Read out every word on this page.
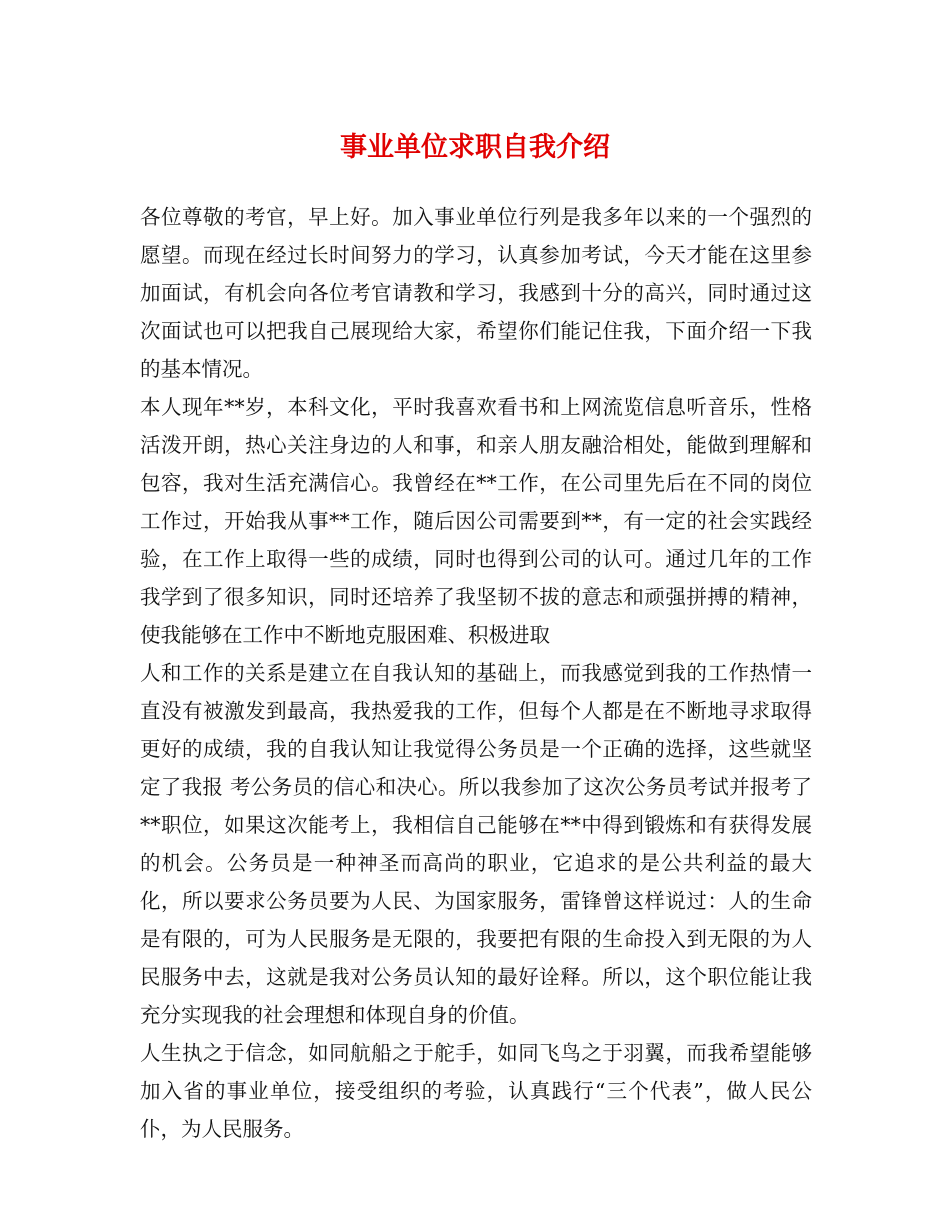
事业单位求职自我介绍

各位尊敬的考官，早上好。加入事业单位行列是我多年以来的一个强烈的愿望。而现在经过长时间努力的学习，认真参加考试，今天才能在这里参加面试，有机会向各位考官请教和学习，我感到十分的高兴，同时通过这次面试也可以把我自己展现给大家，希望你们能记住我，下面介绍一下我的基本情况。

本人现年**岁，本科文化，平时我喜欢看书和上网流览信息听音乐，性格活泼开朗，热心关注身边的人和事，和亲人朋友融洽相处，能做到理解和包容，我对生活充满信心。我曾经在**工作，在公司里先后在不同的岗位工作过，开始我从事**工作，随后因公司需要到**，有一定的社会实践经验，在工作上取得一些的成绩，同时也得到公司的认可。通过几年的工作我学到了很多知识，同时还培养了我坚韧不拔的意志和顽强拼搏的精神，使我能够在工作中不断地克服困难、积极进取

人和工作的关系是建立在自我认知的基础上，而我感觉到我的工作热情一直没有被激发到最高，我热爱我的工作，但每个人都是在不断地寻求取得更好的成绩，我的自我认知让我觉得公务员是一个正确的选择，这些就坚定了我报 考公务员的信心和决心。所以我参加了这次公务员考试并报考了**职位，如果这次能考上，我相信自己能够在**中得到锻炼和有获得发展的机会。公务员是一种神圣而高尚的职业，它追求的是公共利益的最大化，所以要求公务员要为人民、为国家服务，雷锋曾这样说过：人的生命是有限的，可为人民服务是无限的，我要把有限的生命投入到无限的为人民服务中去，这就是我对公务员认知的最好诠释。所以，这个职位能让我充分实现我的社会理想和体现自身的价值。

人生执之于信念，如同航船之于舵手，如同飞鸟之于羽翼，而我希望能够加入省的事业单位，接受组织的考验，认真践行“三个代表”，做人民公仆，为人民服务。
